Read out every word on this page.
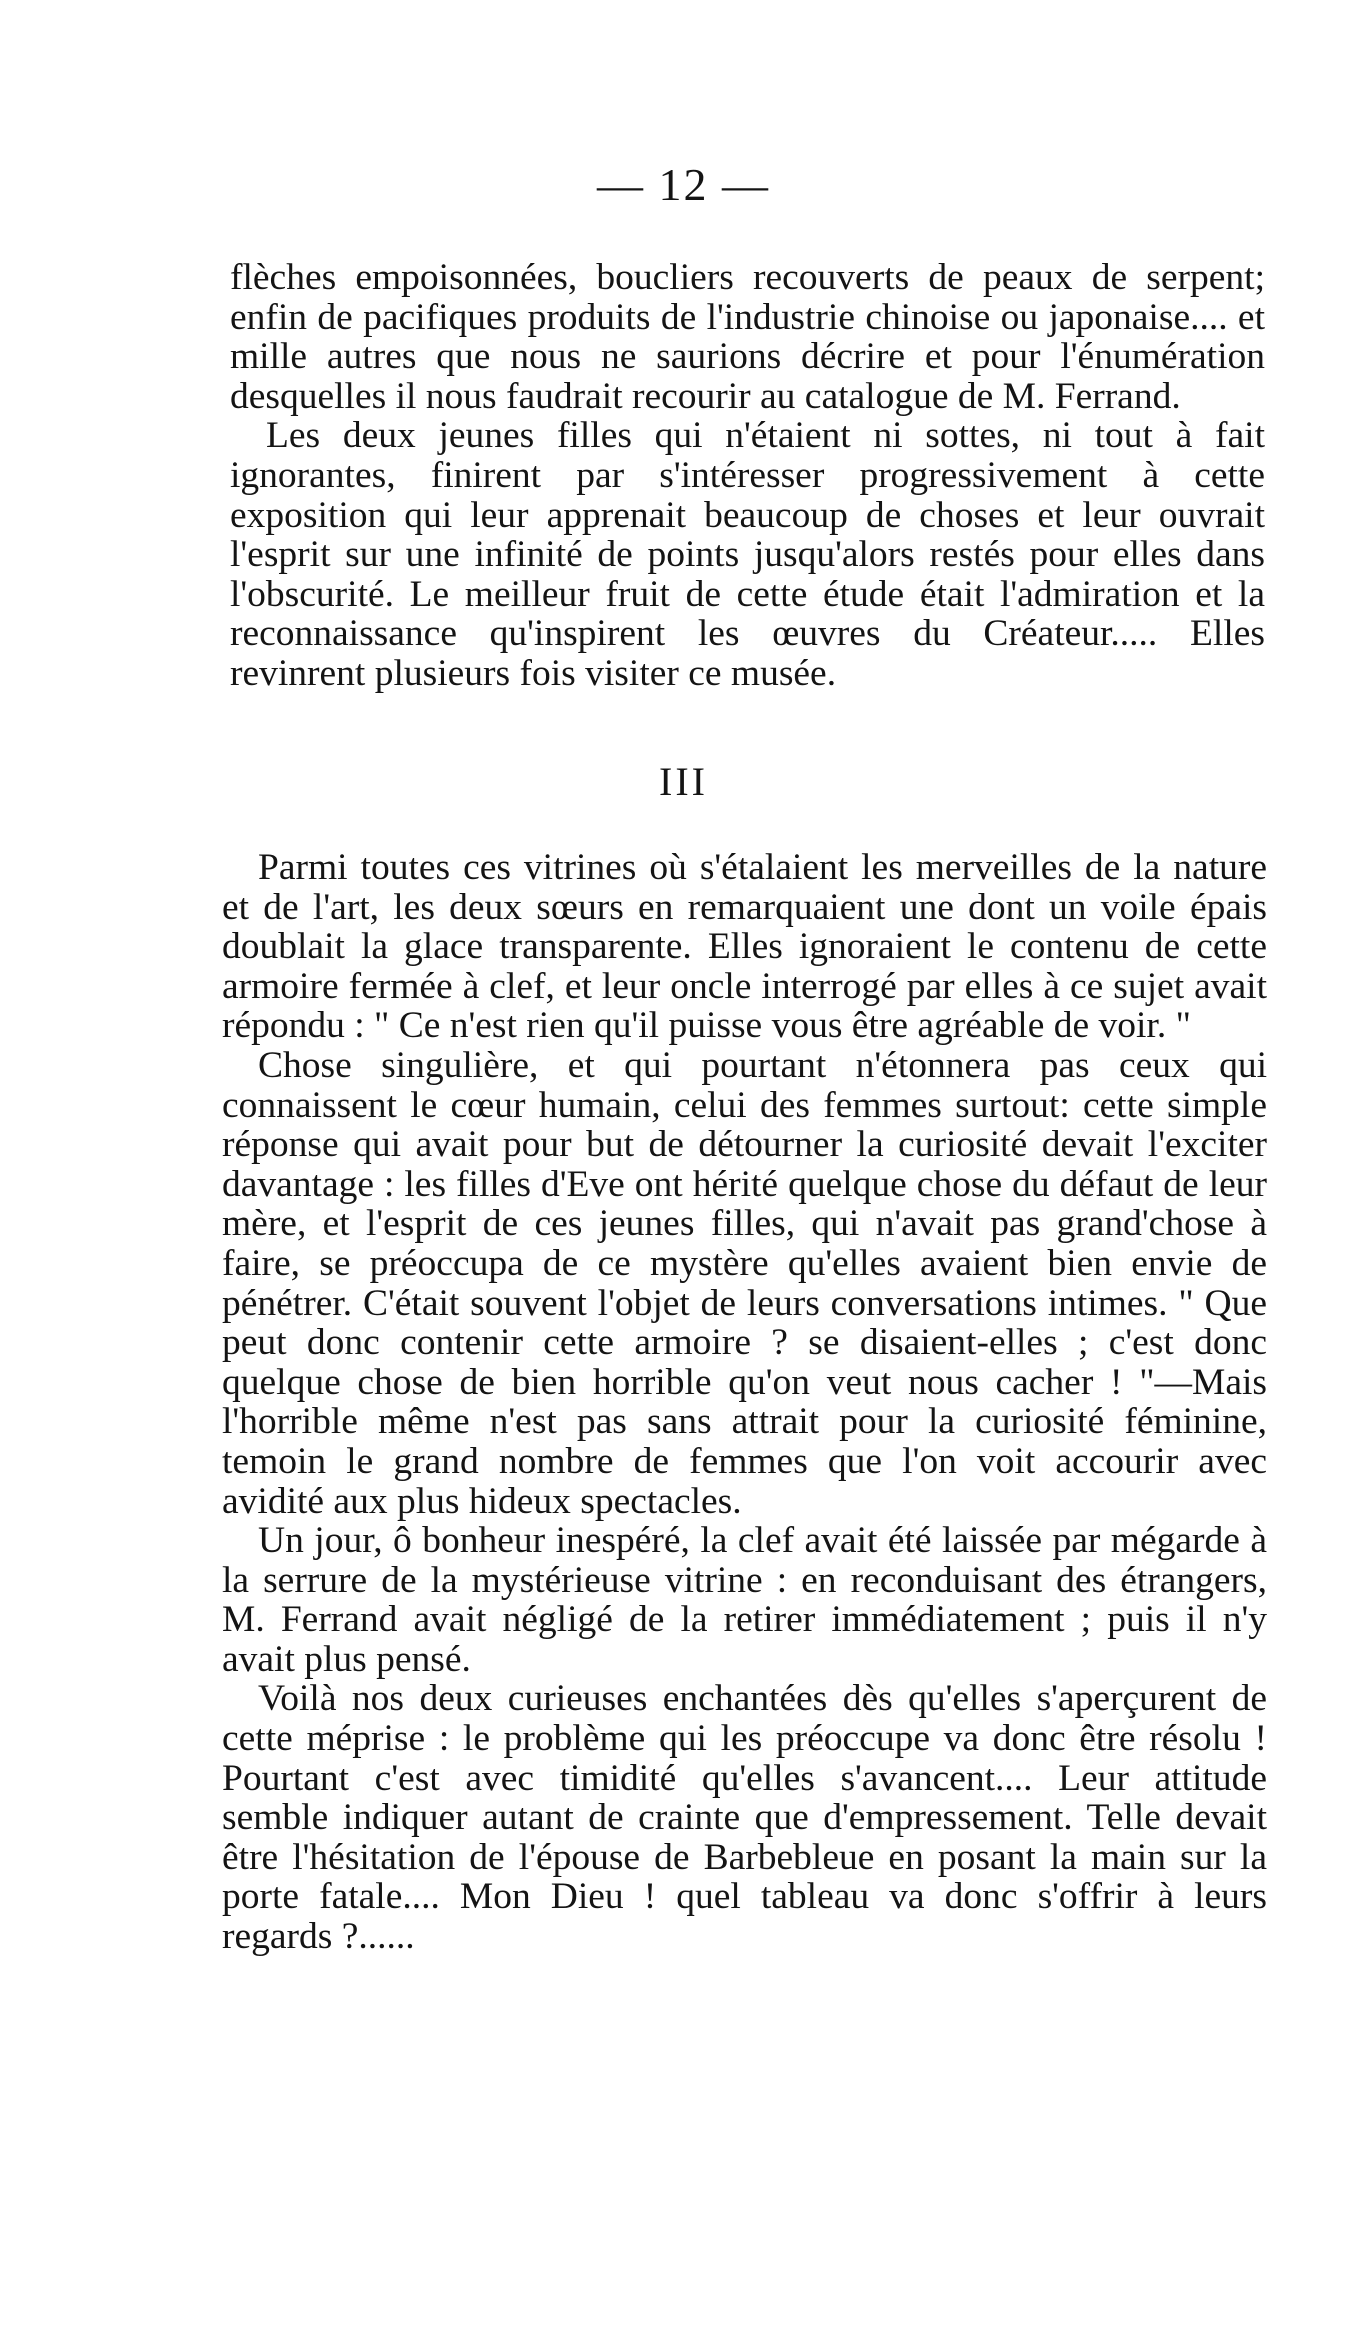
— 12 —

flèches empoisonnées, boucliers recouverts de peaux de serpent; enfin de pacifiques produits de l'industrie chinoise ou japonaise.... et mille autres que nous ne saurions décrire et pour l'énumération desquelles il nous faudrait recourir au catalogue de M. Ferrand.

Les deux jeunes filles qui n'étaient ni sottes, ni tout à fait ignorantes, finirent par s'intéresser progressivement à cette exposition qui leur apprenait beaucoup de choses et leur ouvrait l'esprit sur une infinité de points jusqu'alors restés pour elles dans l'obscurité. Le meilleur fruit de cette étude était l'admiration et la reconnaissance qu'inspirent les œuvres du Créateur..... Elles revinrent plusieurs fois visiter ce musée.

III

Parmi toutes ces vitrines où s'étalaient les merveilles de la nature et de l'art, les deux sœurs en remarquaient une dont un voile épais doublait la glace transparente. Elles ignoraient le contenu de cette armoire fermée à clef, et leur oncle interrogé par elles à ce sujet avait répondu : " Ce n'est rien qu'il puisse vous être agréable de voir. "

Chose singulière, et qui pourtant n'étonnera pas ceux qui connaissent le cœur humain, celui des femmes surtout: cette simple réponse qui avait pour but de détourner la curiosité devait l'exciter davantage : les filles d'Eve ont hérité quelque chose du défaut de leur mère, et l'esprit de ces jeunes filles, qui n'avait pas grand'chose à faire, se préoccupa de ce mystère qu'elles avaient bien envie de pénétrer. C'était souvent l'objet de leurs conversations intimes. " Que peut donc contenir cette armoire ? se disaient-elles ; c'est donc quelque chose de bien horrible qu'on veut nous cacher ! "—Mais l'horrible même n'est pas sans attrait pour la curiosité féminine, temoin le grand nombre de femmes que l'on voit accourir avec avidité aux plus hideux spectacles.

Un jour, ô bonheur inespéré, la clef avait été laissée par mégarde à la serrure de la mystérieuse vitrine : en reconduisant des étrangers, M. Ferrand avait négligé de la retirer immédiatement ; puis il n'y avait plus pensé.

Voilà nos deux curieuses enchantées dès qu'elles s'aperçurent de cette méprise : le problème qui les préoccupe va donc être résolu ! Pourtant c'est avec timidité qu'elles s'avancent.... Leur attitude semble indiquer autant de crainte que d'empressement. Telle devait être l'hésitation de l'épouse de Barbebleue en posant la main sur la porte fatale.... Mon Dieu ! quel tableau va donc s'offrir à leurs regards ?......
